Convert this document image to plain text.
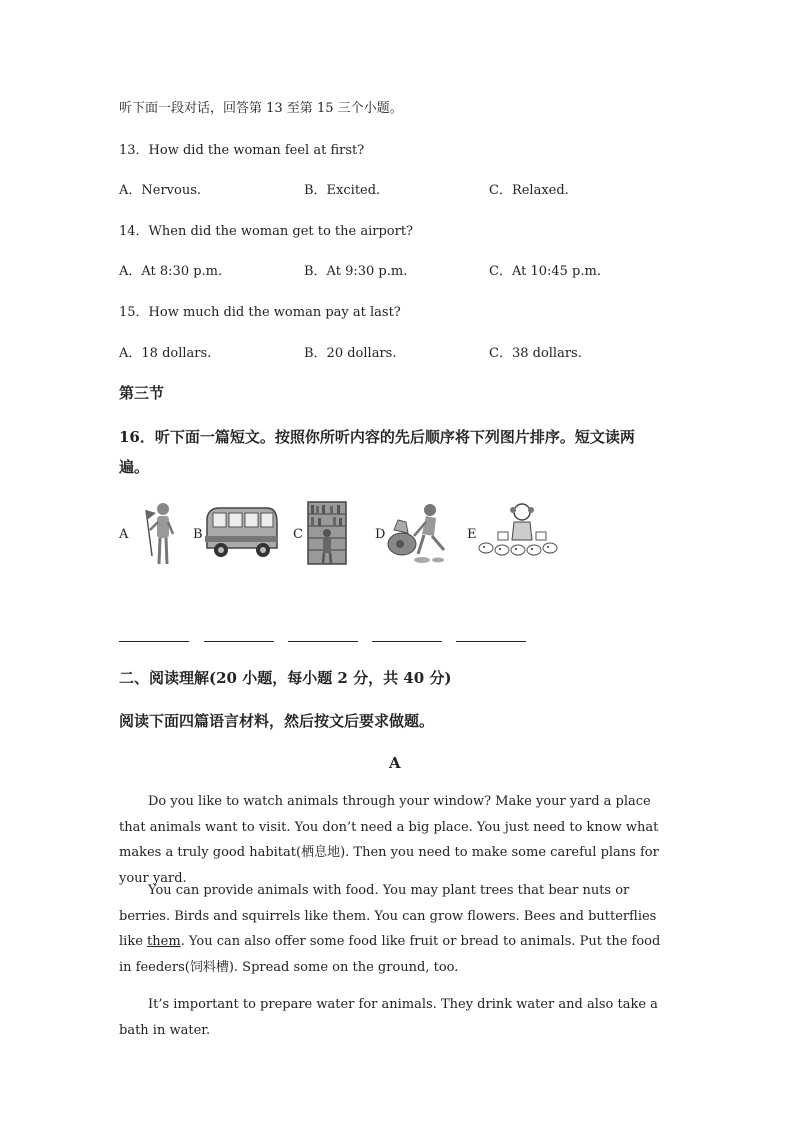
听下面一段对话，回答第 13 至第 15 三个小题。
13．How did the woman feel at first?
A．Nervous.	B．Excited.	C．Relaxed.
14．When did the woman get to the airport?
A．At 8:30 p.m.	B．At 9:30 p.m.	C．At 10:45 p.m.
15．How much did the woman pay at last?
A．18 dollars.	B．20 dollars.	C．38 dollars.
第三节
16．听下面一篇短文。按照你所听内容的先后顺序将下列图片排序。短文读两
遍。
A	B	C	D	E
二、阅读理解(20 小题，每小题 2 分，共 40 分)
阅读下面四篇语言材料，然后按文后要求做题。
A
Do you like to watch animals through your window? Make your yard a place that animals want to visit. You don’t need a big place. You just need to know what makes a truly good habitat(栖息地). Then you need to make some careful plans for your yard.
You can provide animals with food. You may plant trees that bear nuts or berries. Birds and squirrels like them. You can grow flowers. Bees and butterflies like them. You can also offer some food like fruit or bread to animals. Put the food in feeders(饲料槽). Spread some on the ground, too.
It’s important to prepare water for animals. They drink water and also take a bath in water.
